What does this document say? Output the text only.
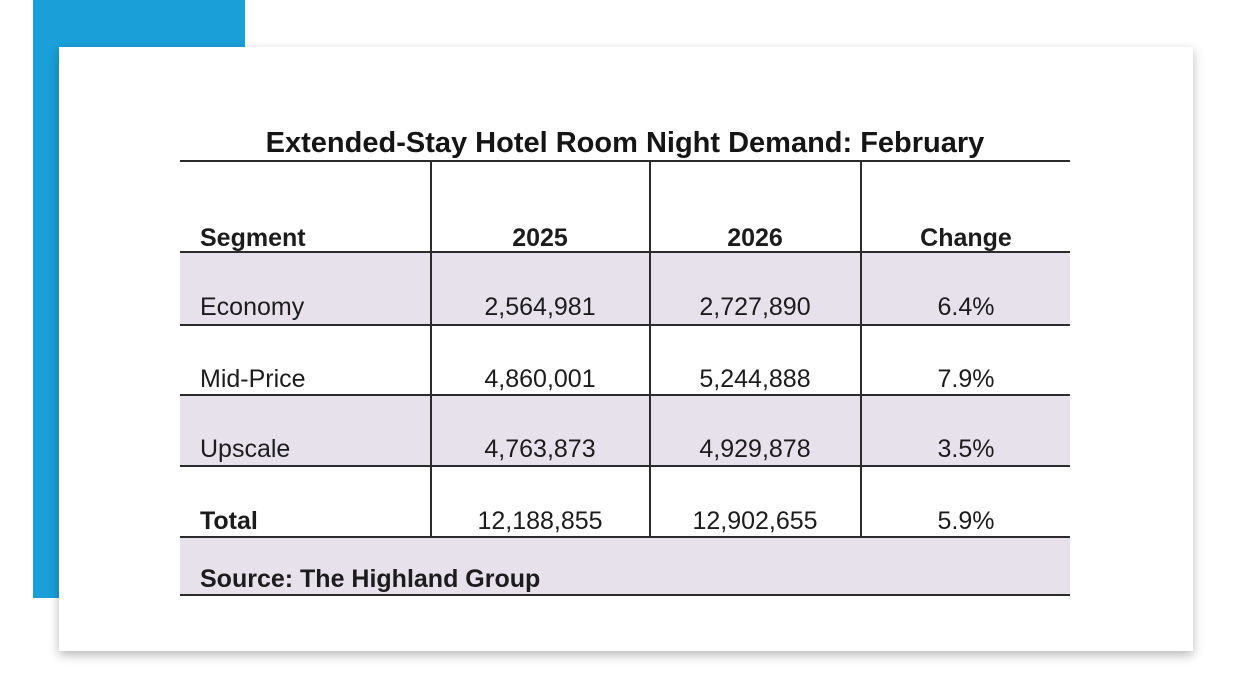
Extended-Stay Hotel Room Night Demand: February
Segment	2025	2026	Change
Economy	2,564,981	2,727,890	6.4%
Mid-Price	4,860,001	5,244,888	7.9%
Upscale	4,763,873	4,929,878	3.5%
Total	12,188,855	12,902,655	5.9%
Source: The Highland Group
